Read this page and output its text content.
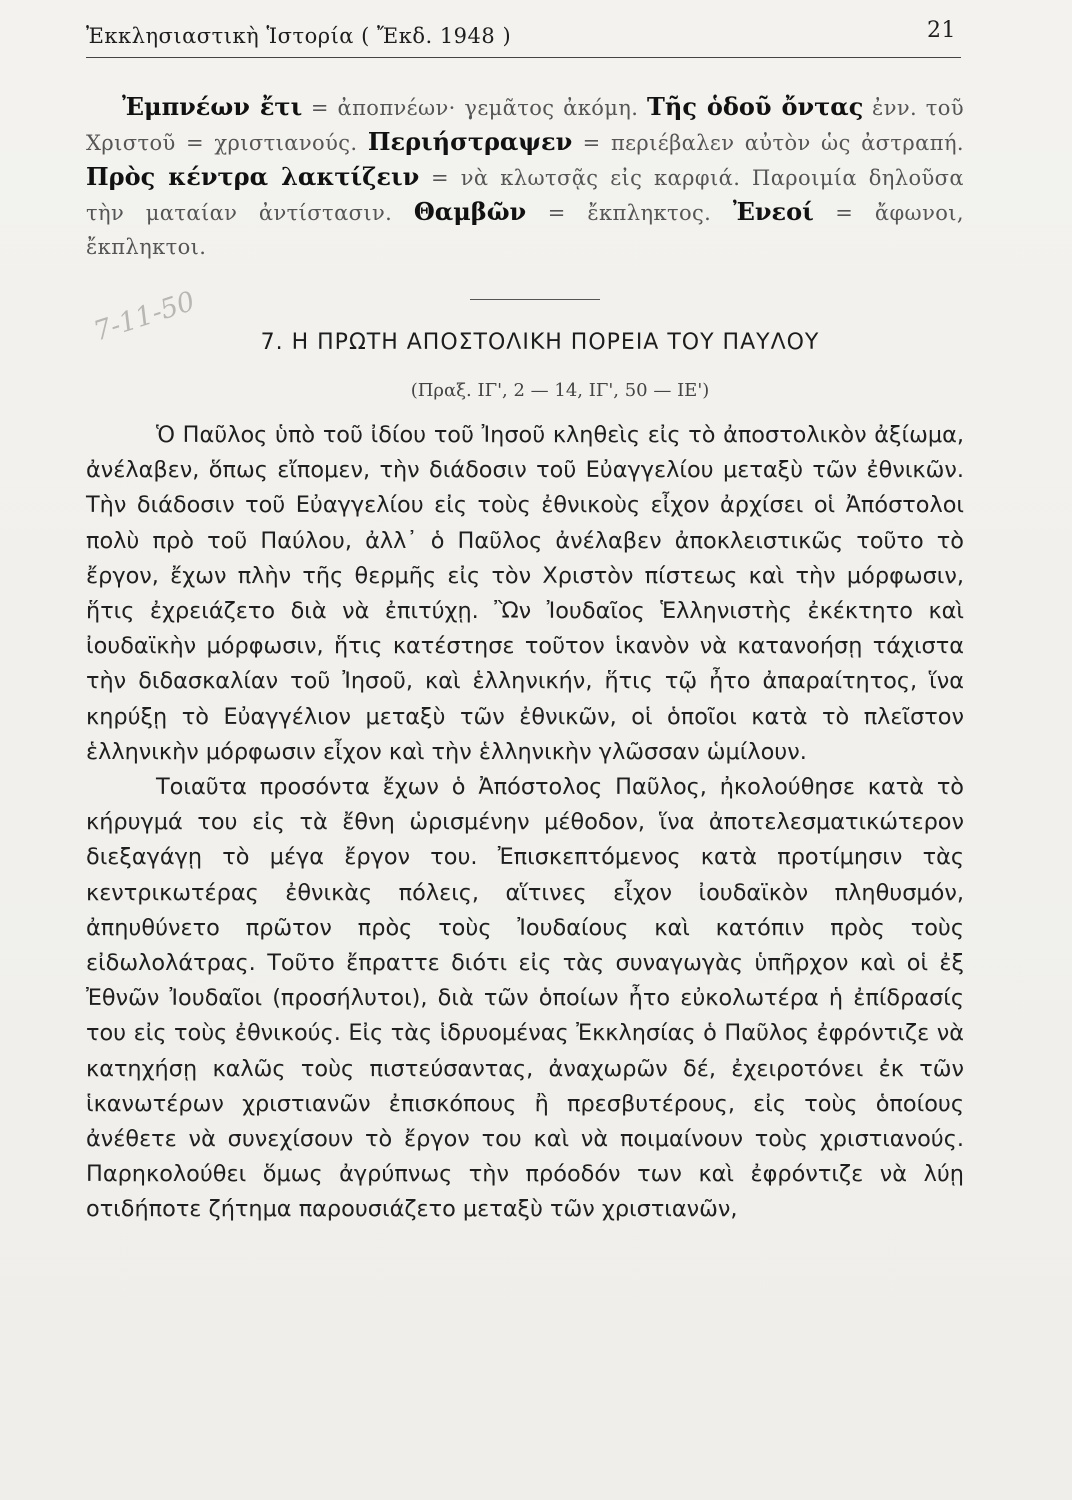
Ἐκκλησιαστικὴ Ἱστορία ( Ἔκδ. 1948 )	21

Ἐμπνέων ἔτι = ἀποπνέων· γεμᾶτος ἀκόμη. Τῆς ὁδοῦ ὄντας ἐνν. τοῦ Χριστοῦ = χριστιανούς. Περιήστραψεν = περιέβαλεν αὐτὸν ὡς ἀστραπή. Πρὸς κέντρα λακτίζειν = νὰ κλωτσᾷς εἰς καρφιά. Παροιμία δηλοῦσα τὴν ματαίαν ἀντίστασιν. Θαμβῶν = ἔκπληκτος. Ἐνεοί = ἄφωνοι, ἔκπληκτοι.

7-11-50	7. Η ΠΡΩΤΗ ΑΠΟΣΤΟΛΙΚΗ ΠΟΡΕΙΑ ΤΟΥ ΠΑΥΛΟΥ
(Πραξ. ΙΓ', 2 — 14, ΙΓ', 50 — ΙΕ')

Ὁ Παῦλος ὑπὸ τοῦ ἰδίου τοῦ Ἰησοῦ κληθεὶς εἰς τὸ ἀποστολικὸν ἀξίωμα, ἀνέλαβεν, ὅπως εἴπομεν, τὴν διάδοσιν τοῦ Εὐαγγελίου μεταξὺ τῶν ἐθνικῶν. Τὴν διάδοσιν τοῦ Εὐαγγελίου εἰς τοὺς ἐθνικοὺς εἶχον ἀρχίσει οἱ Ἀπόστολοι πολὺ πρὸ τοῦ Παύλου, ἀλλ᾽ ὁ Παῦλος ἀνέλαβεν ἀποκλειστικῶς τοῦτο τὸ ἔργον, ἔχων πλὴν τῆς θερμῆς εἰς τὸν Χριστὸν πίστεως καὶ τὴν μόρφωσιν, ἥτις ἐχρειάζετο διὰ νὰ ἐπιτύχῃ. Ὢν Ἰουδαῖος Ἑλληνιστὴς ἐκέκτητο καὶ ἰουδαϊκὴν μόρφωσιν, ἥτις κατέστησε τοῦτον ἱκανὸν νὰ κατανοήσῃ τάχιστα τὴν διδασκαλίαν τοῦ Ἰησοῦ, καὶ ἑλληνικήν, ἥτις τῷ ἦτο ἀπαραίτητος, ἵνα κηρύξῃ τὸ Εὐαγγέλιον μεταξὺ τῶν ἐθνικῶν, οἱ ὁποῖοι κατὰ τὸ πλεῖστον ἑλληνικὴν μόρφωσιν εἶχον καὶ τὴν ἑλληνικὴν γλῶσσαν ὡμίλουν.

Τοιαῦτα προσόντα ἔχων ὁ Ἀπόστολος Παῦλος, ἠκολούθησε κατὰ τὸ κήρυγμά του εἰς τὰ ἔθνη ὡρισμένην μέθοδον, ἵνα ἀποτελεσματικώτερον διεξαγάγῃ τὸ μέγα ἔργον του. Ἐπισκεπτόμενος κατὰ προτίμησιν τὰς κεντρικωτέρας ἐθνικὰς πόλεις, αἵτινες εἶχον ἰουδαϊκὸν πληθυσμόν, ἀπηυθύνετο πρῶτον πρὸς τοὺς Ἰουδαίους καὶ κατόπιν πρὸς τοὺς εἰδωλολάτρας. Τοῦτο ἔπραττε διότι εἰς τὰς συναγωγὰς ὑπῆρχον καὶ οἱ ἐξ Ἐθνῶν Ἰουδαῖοι (προσήλυτοι), διὰ τῶν ὁποίων ἦτο εὐκολωτέρα ἡ ἐπίδρασίς του εἰς τοὺς ἐθνικούς. Εἰς τὰς ἱδρυομένας Ἐκκλησίας ὁ Παῦλος ἐφρόντιζε νὰ κατηχήσῃ καλῶς τοὺς πιστεύσαντας, ἀναχωρῶν δέ, ἐχειροτόνει ἐκ τῶν ἱκανωτέρων χριστιανῶν ἐπισκόπους ἢ πρεσβυτέρους, εἰς τοὺς ὁποίους ἀνέθετε νὰ συνεχίσουν τὸ ἔργον του καὶ νὰ ποιμαίνουν τοὺς χριστιανούς. Παρηκολούθει ὅμως ἀγρύπνως τὴν πρόοδόν των καὶ ἐφρόντιζε νὰ λύῃ οτιδήποτε ζήτημα παρουσιάζετο μεταξὺ τῶν χριστιανῶν,
